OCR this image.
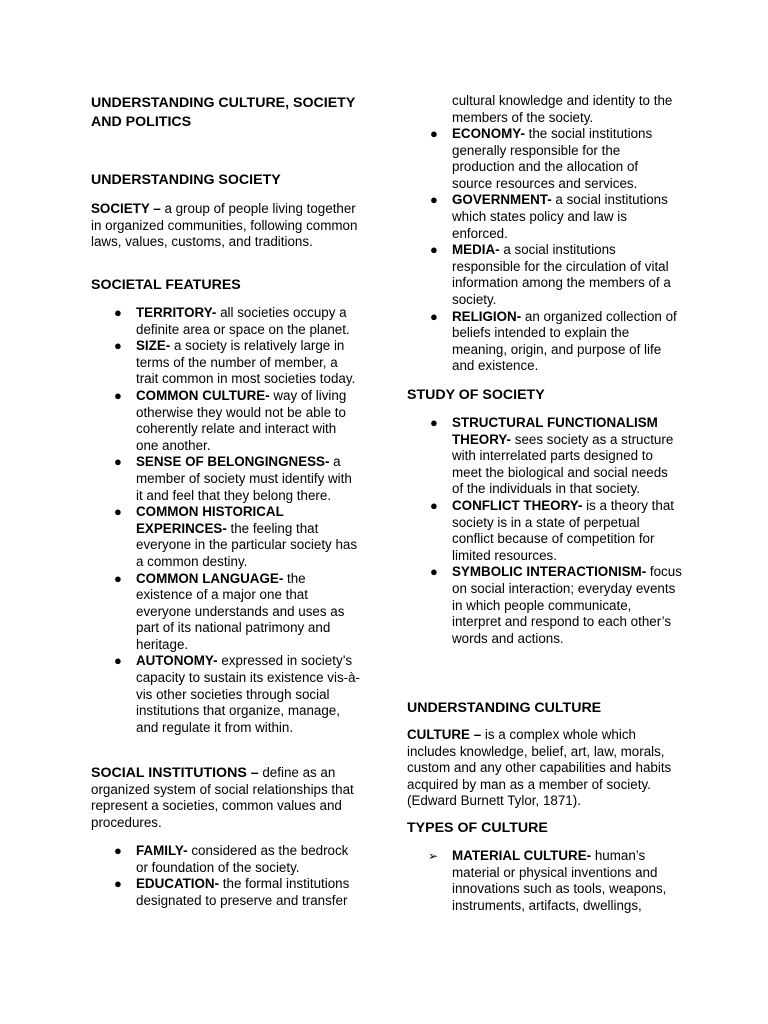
UNDERSTANDING CULTURE, SOCIETY AND POLITICS
UNDERSTANDING SOCIETY

SOCIETY – a group of people living together in organized communities, following common laws, values, customs, and traditions.

SOCIETAL FEATURES
● TERRITORY- all societies occupy a definite area or space on the planet.
● SIZE- a society is relatively large in terms of the number of member, a trait common in most societies today.
● COMMON CULTURE- way of living otherwise they would not be able to coherently relate and interact with one another.
● SENSE OF BELONGINGNESS- a member of society must identify with it and feel that they belong there.
● COMMON HISTORICAL EXPERINCES- the feeling that everyone in the particular society has a common destiny.
● COMMON LANGUAGE- the existence of a major one that everyone understands and uses as part of its national patrimony and heritage.
● AUTONOMY- expressed in society’s capacity to sustain its existence vis-à-vis other societies through social institutions that organize, manage, and regulate it from within.

SOCIAL INSTITUTIONS – define as an organized system of social relationships that represent a societies, common values and procedures.

● FAMILY- considered as the bedrock or foundation of the society.
● EDUCATION- the formal institutions designated to preserve and transfer

cultural knowledge and identity to the members of the society.

● ECONOMY- the social institutions generally responsible for the production and the allocation of source resources and services.
● GOVERNMENT- a social institutions which states policy and law is enforced.
● MEDIA- a social institutions responsible for the circulation of vital information among the members of a society.
● RELIGION- an organized collection of beliefs intended to explain the meaning, origin, and purpose of life and existence.
STUDY OF SOCIETY
● STRUCTURAL FUNCTIONALISM THEORY- sees society as a structure with interrelated parts designed to meet the biological and social needs of the individuals in that society.
● CONFLICT THEORY- is a theory that society is in a state of perpetual conflict because of competition for limited resources.
● SYMBOLIC INTERACTIONISM- focus on social interaction; everyday events in which people communicate, interpret and respond to each other’s words and actions.
UNDERSTANDING CULTURE

CULTURE – is a complex whole which includes knowledge, belief, art, law, morals, custom and any other capabilities and habits acquired by man as a member of society. (Edward Burnett Tylor, 1871).

TYPES OF CULTURE
➢ MATERIAL CULTURE- human’s material or physical inventions and innovations such as tools, weapons, instruments, artifacts, dwellings,
